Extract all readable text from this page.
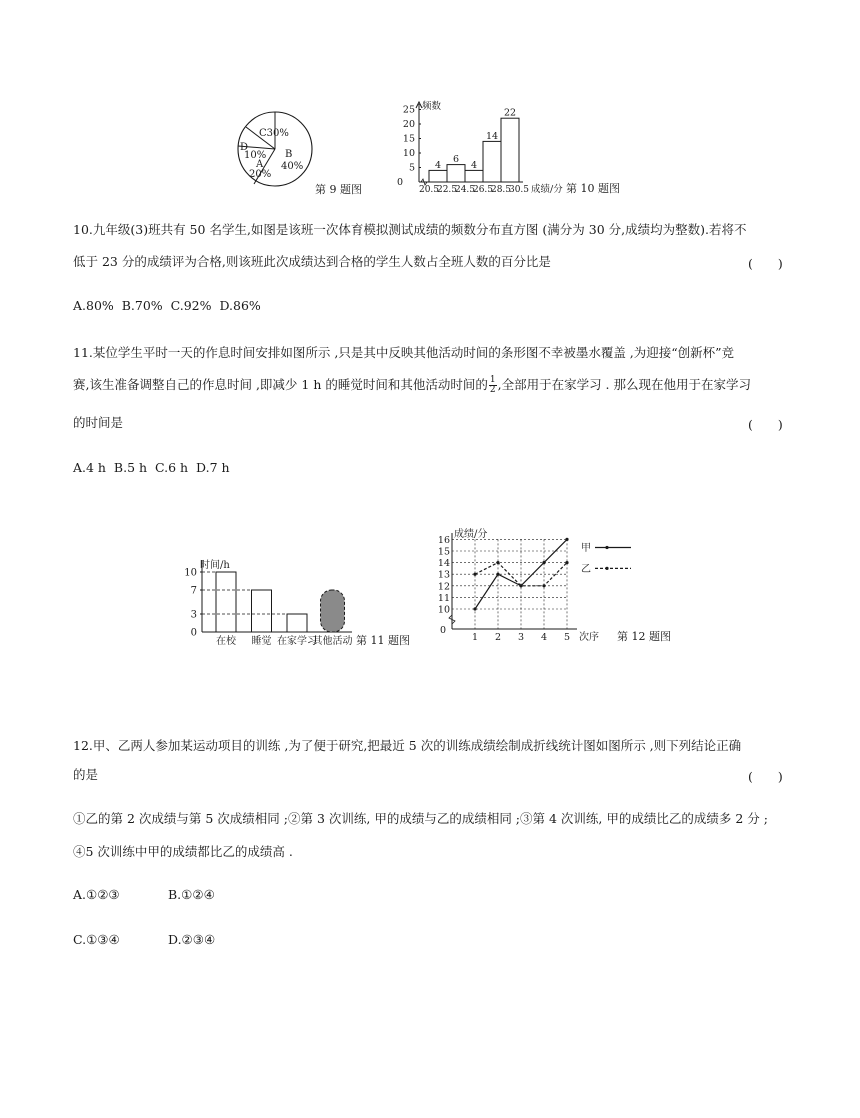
C30%
B
40%
A
20%
D
10%
第 9 题图
频数
25
20
15
10
5
0
4
6
4
14
22
20.5
22.5
24.5
26.5
28.5
30.5 成绩/分 第 10 题图
10.九年级(3)班共有 50 名学生,如图是该班一次体育模拟测试成绩的频数分布直方图 (满分为 30 分,成绩均为整数).若将不
低于 23 分的成绩评为合格,则该班此次成绩达到合格的学生人数占全班人数的百分比是	(　　)
A.80%  B.70%  C.92%  D.86%
11.某位学生平时一天的作息时间安排如图所示 ,只是其中反映其他活动时间的条形图不幸被墨水覆盖 ,为迎接“创新杯”竞
赛,该生准备调整自己的作息时间 ,即减少 1 h 的睡觉时间和其他活动时间的 $\frac{1}{2}$ ,全部用于在家学习 . 那么现在他用于在家学习
的时间是	(　　)
A.4 h  B.5 h  C.6 h  D.7 h
时间/h
10
7
3
0
在校 睡觉 在家学习
其他活动 第 11 题图
成绩/分
10
11
12
13
14
15
16
0
1 2 3 4 5 次序 第 12 题图
甲
乙
12.甲、乙两人参加某运动项目的训练 ,为了便于研究,把最近 5 次的训练成绩绘制成折线统计图如图所示 ,则下列结论正确
的是	(　　)
①乙的第 2 次成绩与第 5 次成绩相同 ;②第 3 次训练, 甲的成绩与乙的成绩相同 ;③第 4 次训练, 甲的成绩比乙的成绩多 2 分 ;
④5 次训练中甲的成绩都比乙的成绩高 .
A.①②③	B.①②④
C.①③④	D.②③④
